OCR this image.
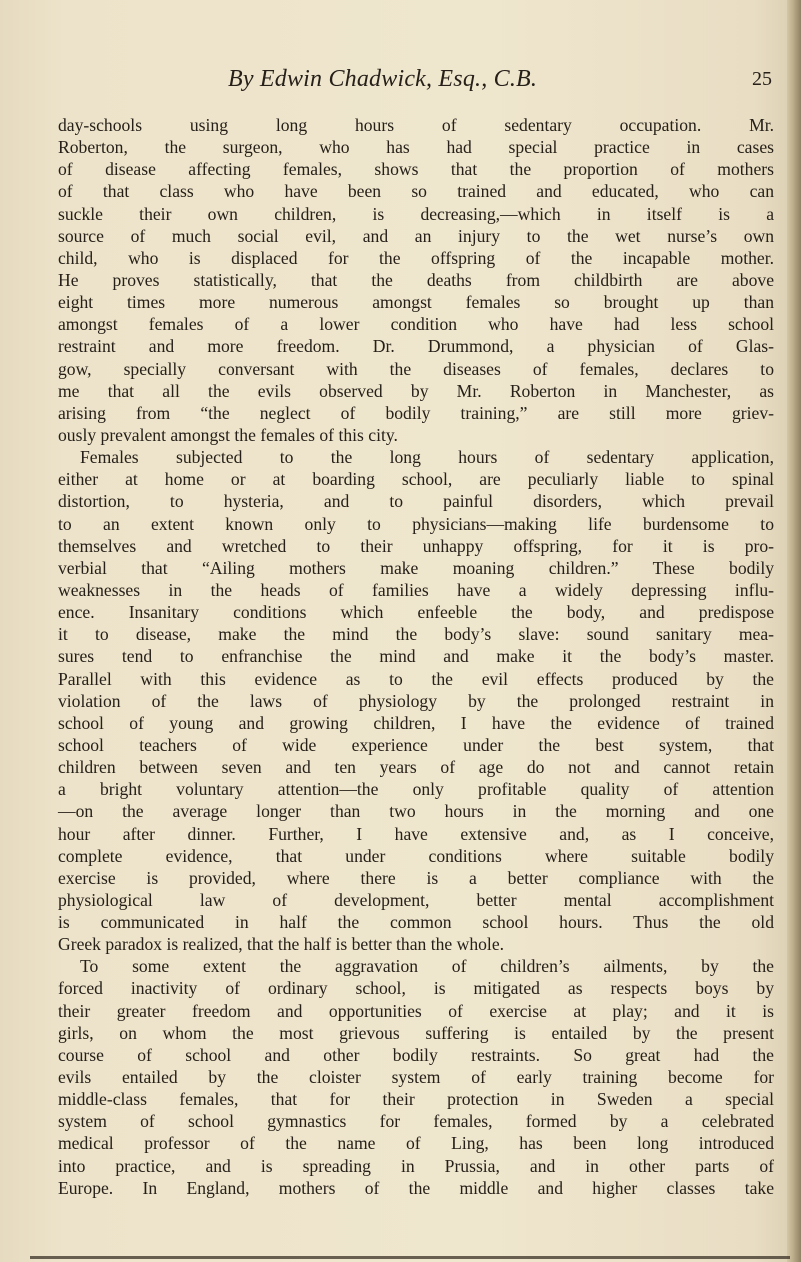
By Edwin Chadwick, Esq., C.B.	25
day-schools using long hours of sedentary occupation. Mr.
Roberton, the surgeon, who has had special practice in cases
of disease affecting females, shows that the proportion of mothers
of that class who have been so trained and educated, who can
suckle their own children, is decreasing,—which in itself is a
source of much social evil, and an injury to the wet nurse’s own
child, who is displaced for the offspring of the incapable mother.
He proves statistically, that the deaths from childbirth are above
eight times more numerous amongst females so brought up than
amongst females of a lower condition who have had less school
restraint and more freedom. Dr. Drummond, a physician of Glas-
gow, specially conversant with the diseases of females, declares to
me that all the evils observed by Mr. Roberton in Manchester, as
arising from “the neglect of bodily training,” are still more griev-
ously prevalent amongst the females of this city.
Females subjected to the long hours of sedentary application,
either at home or at boarding school, are peculiarly liable to spinal
distortion, to hysteria, and to painful disorders, which prevail
to an extent known only to physicians—making life burdensome to
themselves and wretched to their unhappy offspring, for it is pro-
verbial that “Ailing mothers make moaning children.” These bodily
weaknesses in the heads of families have a widely depressing influ-
ence. Insanitary conditions which enfeeble the body, and predispose
it to disease, make the mind the body’s slave: sound sanitary mea-
sures tend to enfranchise the mind and make it the body’s master.
Parallel with this evidence as to the evil effects produced by the
violation of the laws of physiology by the prolonged restraint in
school of young and growing children, I have the evidence of trained
school teachers of wide experience under the best system, that
children between seven and ten years of age do not and cannot retain
a bright voluntary attention—the only profitable quality of attention
—on the average longer than two hours in the morning and one
hour after dinner. Further, I have extensive and, as I conceive,
complete evidence, that under conditions where suitable bodily
exercise is provided, where there is a better compliance with the
physiological law of development, better mental accomplishment
is communicated in half the common school hours. Thus the old
Greek paradox is realized, that the half is better than the whole.
To some extent the aggravation of children’s ailments, by the
forced inactivity of ordinary school, is mitigated as respects boys by
their greater freedom and opportunities of exercise at play; and it is
girls, on whom the most grievous suffering is entailed by the present
course of school and other bodily restraints. So great had the
evils entailed by the cloister system of early training become for
middle-class females, that for their protection in Sweden a special
system of school gymnastics for females, formed by a celebrated
medical professor of the name of Ling, has been long introduced
into practice, and is spreading in Prussia, and in other parts of
Europe. In England, mothers of the middle and higher classes take
